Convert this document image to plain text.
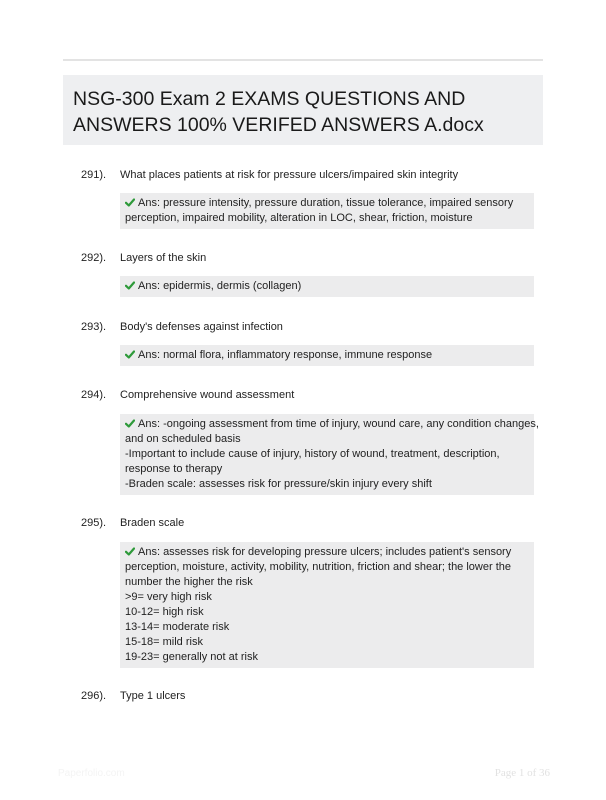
NSG-300 Exam 2 EXAMS QUESTIONS AND
ANSWERS 100% VERIFED ANSWERS A.docx
291). What places patients at risk for pressure ulcers/impaired skin integrity
Ans: pressure intensity, pressure duration, tissue tolerance, impaired sensory
perception, impaired mobility, alteration in LOC, shear, friction, moisture
292). Layers of the skin
Ans: epidermis, dermis (collagen)
293). Body's defenses against infection
Ans: normal flora, inflammatory response, immune response
294). Comprehensive wound assessment
Ans: -ongoing assessment from time of injury, wound care, any condition changes,
and on scheduled basis
-Important to include cause of injury, history of wound, treatment, description,
response to therapy
-Braden scale: assesses risk for pressure/skin injury every shift
295). Braden scale
Ans: assesses risk for developing pressure ulcers; includes patient's sensory
perception, moisture, activity, mobility, nutrition, friction and shear; the lower the
number the higher the risk
>9= very high risk
10-12= high risk
13-14= moderate risk
15-18= mild risk
19-23= generally not at risk
296). Type 1 ulcers
Paperfolio.com	Page 1 of 36
